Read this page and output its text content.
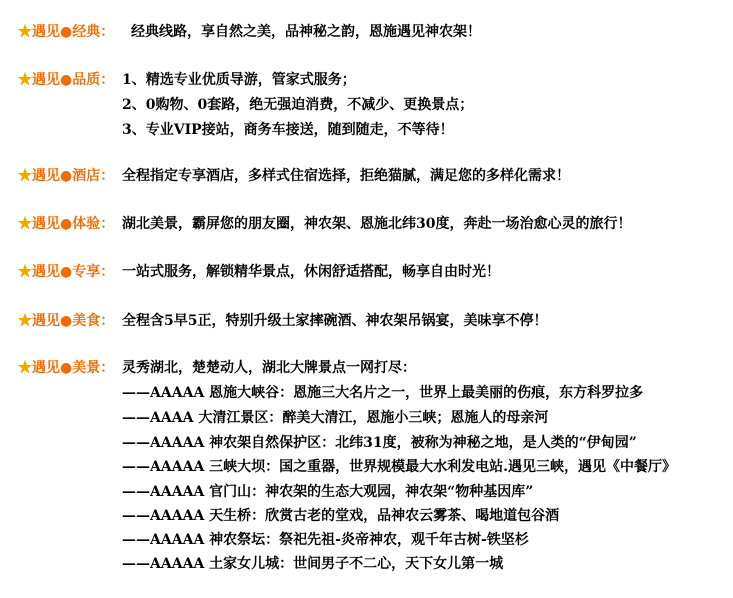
★遇见●经典： 经典线路，享自然之美，品神秘之韵，恩施遇见神农架！
★遇见●品质： 1、精选专业优质导游，管家式服务；
2、0购物、0套路，绝无强迫消费，不减少、更换景点；
3、专业VIP接站，商务车接送，随到随走，不等待！
★遇见●酒店： 全程指定专享酒店，多样式住宿选择，拒绝猫腻，满足您的多样化需求！
★遇见●体验： 湖北美景，霸屏您的朋友圈，神农架、恩施北纬30度，奔赴一场治愈心灵的旅行！
★遇见●专享： 一站式服务，解锁精华景点，休闲舒适搭配，畅享自由时光！
★遇见●美食： 全程含5早5正，特别升级土家摔碗酒、神农架吊锅宴，美味享不停！
★遇见●美景： 灵秀湖北，楚楚动人，湖北大牌景点一网打尽：
——AAAAA 恩施大峡谷：恩施三大名片之一，世界上最美丽的伤痕，东方科罗拉多
——AAAA 大清江景区：醉美大清江，恩施小三峡；恩施人的母亲河
——AAAAA 神农架自然保护区：北纬31度，被称为神秘之地，是人类的“伊甸园”
——AAAAA 三峡大坝：国之重器，世界规模最大水利发电站.遇见三峡，遇见《中餐厅》
——AAAAA 官门山：神农架的生态大观园，神农架“物种基因库”
——AAAAA 天生桥：欣赏古老的堂戏，品神农云雾茶、喝地道包谷酒
——AAAAA 神农祭坛：祭祀先祖-炎帝神农，观千年古树-铁坚杉
——AAAAA 土家女儿城：世间男子不二心，天下女儿第一城
